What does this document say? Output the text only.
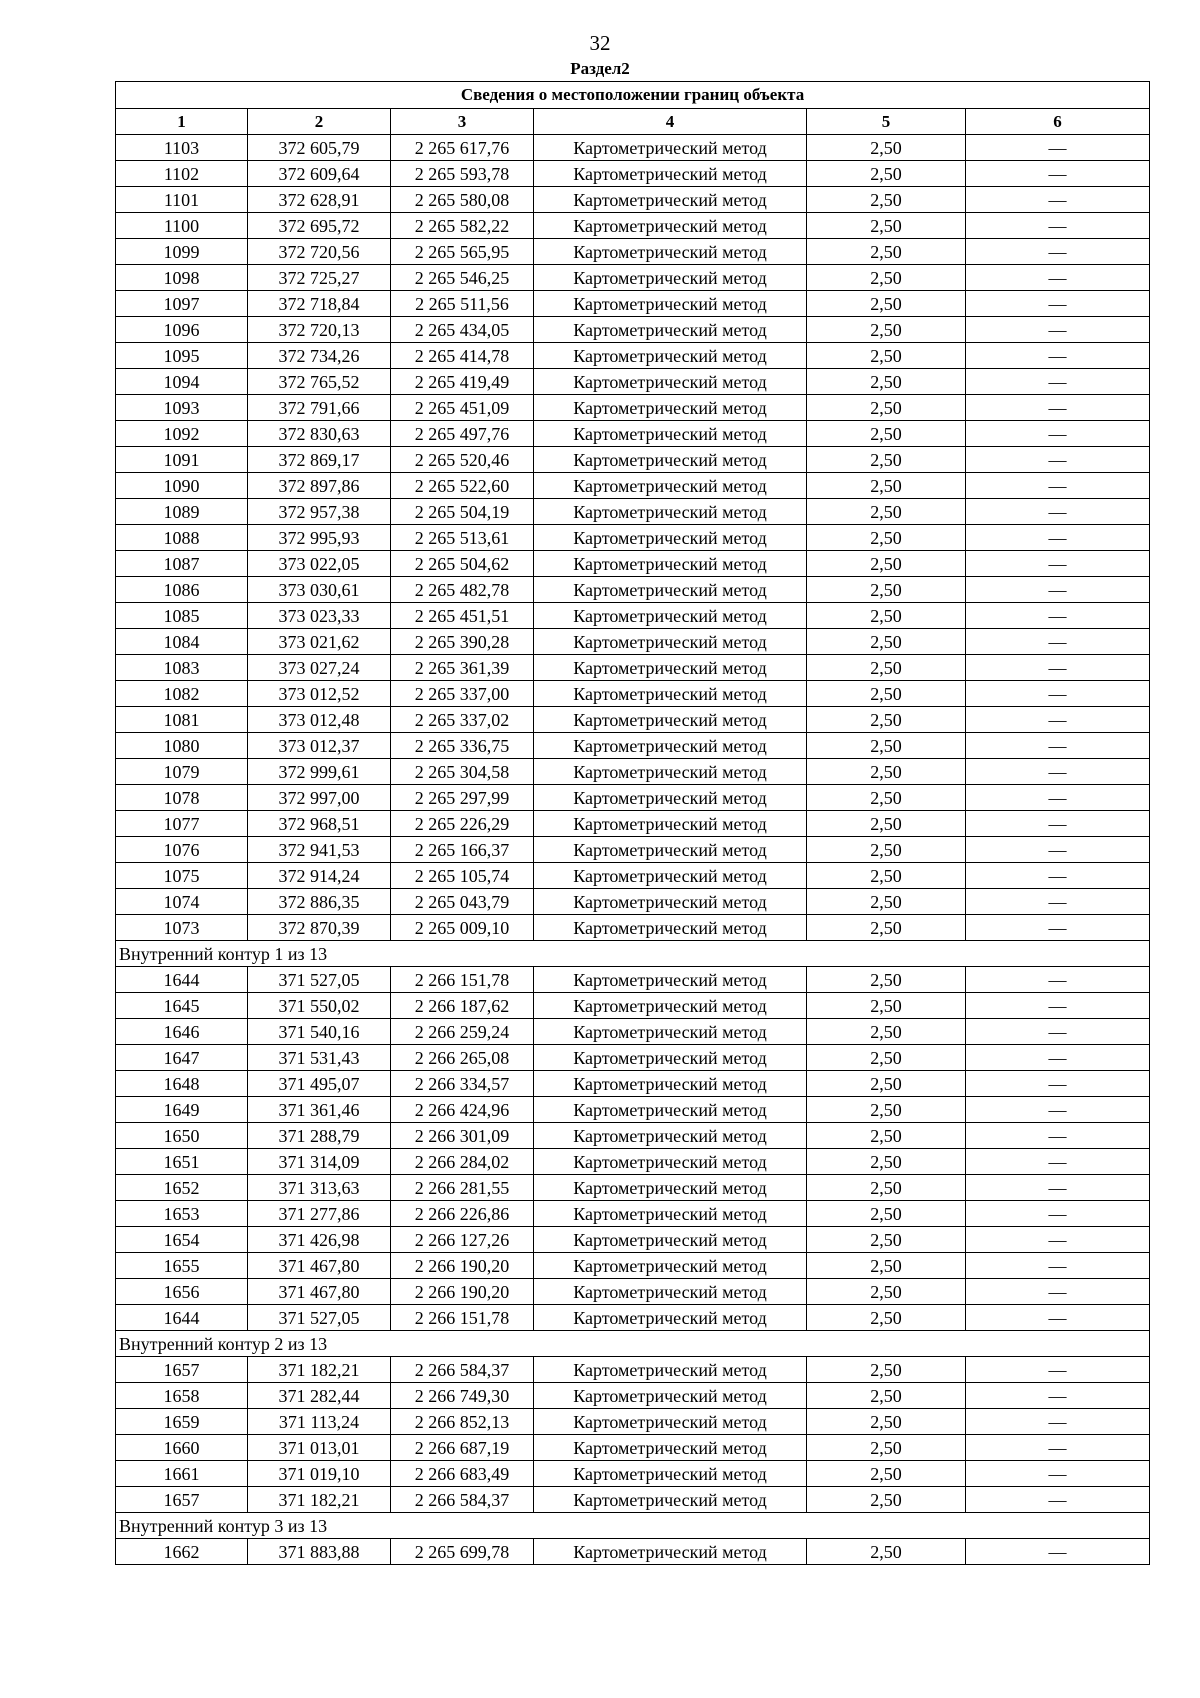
32
Раздел2
Сведения о местоположении границ объекта					
1	2	3	4	5	6
1103	372 605,79	2 265 617,76	Картометрический метод	2,50	—
1102	372 609,64	2 265 593,78	Картометрический метод	2,50	—
1101	372 628,91	2 265 580,08	Картометрический метод	2,50	—
1100	372 695,72	2 265 582,22	Картометрический метод	2,50	—
1099	372 720,56	2 265 565,95	Картометрический метод	2,50	—
1098	372 725,27	2 265 546,25	Картометрический метод	2,50	—
1097	372 718,84	2 265 511,56	Картометрический метод	2,50	—
1096	372 720,13	2 265 434,05	Картометрический метод	2,50	—
1095	372 734,26	2 265 414,78	Картометрический метод	2,50	—
1094	372 765,52	2 265 419,49	Картометрический метод	2,50	—
1093	372 791,66	2 265 451,09	Картометрический метод	2,50	—
1092	372 830,63	2 265 497,76	Картометрический метод	2,50	—
1091	372 869,17	2 265 520,46	Картометрический метод	2,50	—
1090	372 897,86	2 265 522,60	Картометрический метод	2,50	—
1089	372 957,38	2 265 504,19	Картометрический метод	2,50	—
1088	372 995,93	2 265 513,61	Картометрический метод	2,50	—
1087	373 022,05	2 265 504,62	Картометрический метод	2,50	—
1086	373 030,61	2 265 482,78	Картометрический метод	2,50	—
1085	373 023,33	2 265 451,51	Картометрический метод	2,50	—
1084	373 021,62	2 265 390,28	Картометрический метод	2,50	—
1083	373 027,24	2 265 361,39	Картометрический метод	2,50	—
1082	373 012,52	2 265 337,00	Картометрический метод	2,50	—
1081	373 012,48	2 265 337,02	Картометрический метод	2,50	—
1080	373 012,37	2 265 336,75	Картометрический метод	2,50	—
1079	372 999,61	2 265 304,58	Картометрический метод	2,50	—
1078	372 997,00	2 265 297,99	Картометрический метод	2,50	—
1077	372 968,51	2 265 226,29	Картометрический метод	2,50	—
1076	372 941,53	2 265 166,37	Картометрический метод	2,50	—
1075	372 914,24	2 265 105,74	Картометрический метод	2,50	—
1074	372 886,35	2 265 043,79	Картометрический метод	2,50	—
1073	372 870,39	2 265 009,10	Картометрический метод	2,50	—
Внутренний контур 1 из 13					
1644	371 527,05	2 266 151,78	Картометрический метод	2,50	—
1645	371 550,02	2 266 187,62	Картометрический метод	2,50	—
1646	371 540,16	2 266 259,24	Картометрический метод	2,50	—
1647	371 531,43	2 266 265,08	Картометрический метод	2,50	—
1648	371 495,07	2 266 334,57	Картометрический метод	2,50	—
1649	371 361,46	2 266 424,96	Картометрический метод	2,50	—
1650	371 288,79	2 266 301,09	Картометрический метод	2,50	—
1651	371 314,09	2 266 284,02	Картометрический метод	2,50	—
1652	371 313,63	2 266 281,55	Картометрический метод	2,50	—
1653	371 277,86	2 266 226,86	Картометрический метод	2,50	—
1654	371 426,98	2 266 127,26	Картометрический метод	2,50	—
1655	371 467,80	2 266 190,20	Картометрический метод	2,50	—
1656	371 467,80	2 266 190,20	Картометрический метод	2,50	—
1644	371 527,05	2 266 151,78	Картометрический метод	2,50	—
Внутренний контур 2 из 13					
1657	371 182,21	2 266 584,37	Картометрический метод	2,50	—
1658	371 282,44	2 266 749,30	Картометрический метод	2,50	—
1659	371 113,24	2 266 852,13	Картометрический метод	2,50	—
1660	371 013,01	2 266 687,19	Картометрический метод	2,50	—
1661	371 019,10	2 266 683,49	Картометрический метод	2,50	—
1657	371 182,21	2 266 584,37	Картометрический метод	2,50	—
Внутренний контур 3 из 13					
1662	371 883,88	2 265 699,78	Картометрический метод	2,50	—
